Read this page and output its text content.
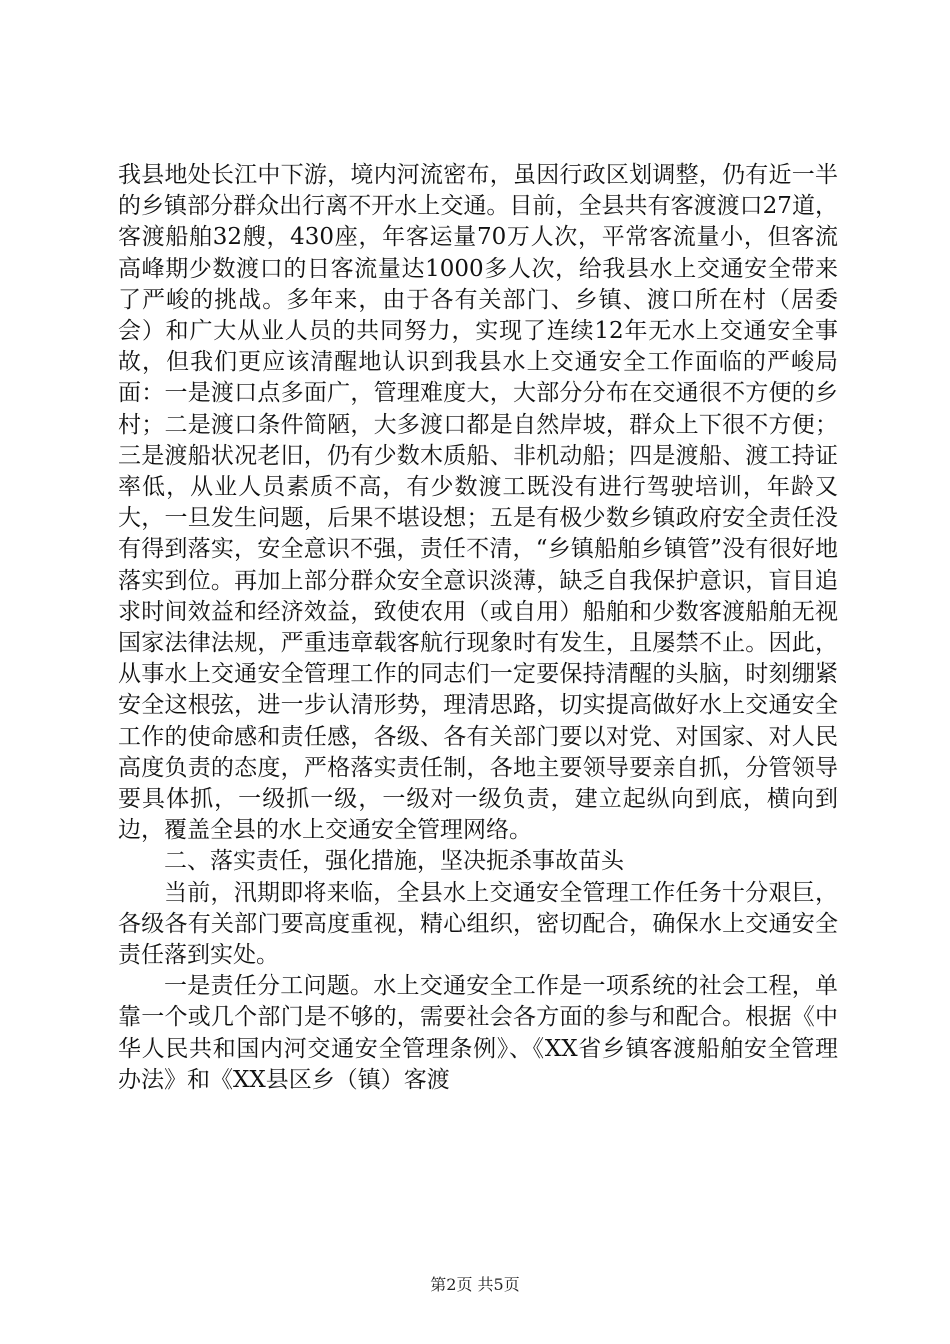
我县地处长江中下游，境内河流密布，虽因行政区划调整，仍有近一半的乡镇部分群众出行离不开水上交通。目前，全县共有客渡渡口27道，客渡船舶32艘，430座，年客运量70万人次，平常客流量小，但客流高峰期少数渡口的日客流量达1000多人次，给我县水上交通安全带来了严峻的挑战。多年来，由于各有关部门、乡镇、渡口所在村（居委会）和广大从业人员的共同努力，实现了连续12年无水上交通安全事故，但我们更应该清醒地认识到我县水上交通安全工作面临的严峻局面：一是渡口点多面广，管理难度大，大部分分布在交通很不方便的乡村；二是渡口条件简陋，大多渡口都是自然岸坡，群众上下很不方便；三是渡船状况老旧，仍有少数木质船、非机动船；四是渡船、渡工持证率低，从业人员素质不高，有少数渡工既没有进行驾驶培训，年龄又大，一旦发生问题，后果不堪设想；五是有极少数乡镇政府安全责任没有得到落实，安全意识不强，责任不清，“乡镇船舶乡镇管”没有很好地落实到位。再加上部分群众安全意识淡薄，缺乏自我保护意识，盲目追求时间效益和经济效益，致使农用（或自用）船舶和少数客渡船舶无视国家法律法规，严重违章载客航行现象时有发生，且屡禁不止。因此，从事水上交通安全管理工作的同志们一定要保持清醒的头脑，时刻绷紧安全这根弦，进一步认清形势，理清思路，切实提高做好水上交通安全工作的使命感和责任感，各级、各有关部门要以对党、对国家、对人民高度负责的态度，严格落实责任制，各地主要领导要亲自抓，分管领导要具体抓，一级抓一级，一级对一级负责，建立起纵向到底，横向到边，覆盖全县的水上交通安全管理网络。

二、落实责任，强化措施，坚决扼杀事故苗头

当前，汛期即将来临，全县水上交通安全管理工作任务十分艰巨，各级各有关部门要高度重视，精心组织，密切配合，确保水上交通安全责任落到实处。

一是责任分工问题。水上交通安全工作是一项系统的社会工程，单靠一个或几个部门是不够的，需要社会各方面的参与和配合。根据《中华人民共和国内河交通安全管理条例》、《XX省乡镇客渡船舶安全管理办法》和《XX县区乡（镇）客渡

第2页 共5页
